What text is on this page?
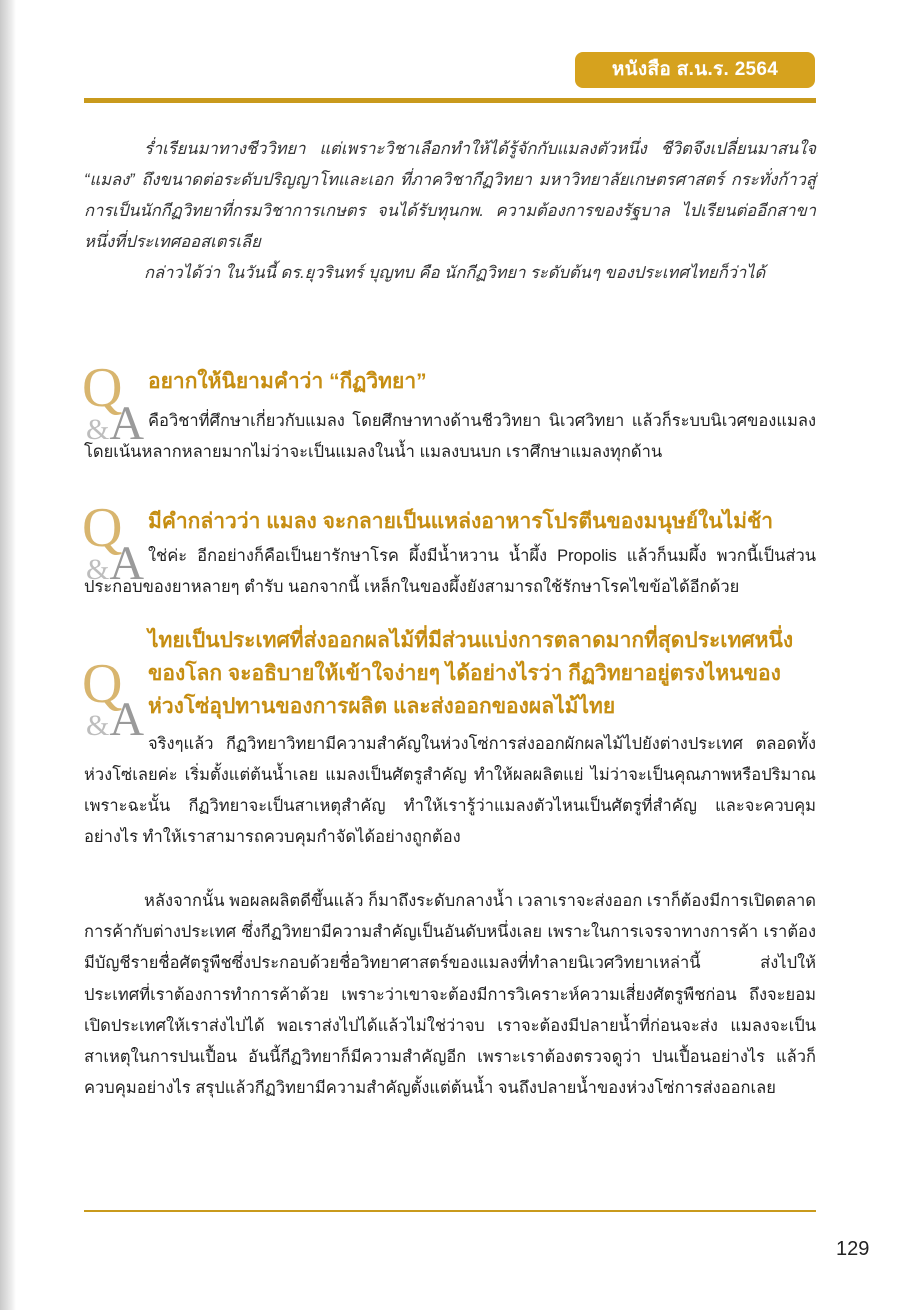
หนังสือ ส.น.ร. 2564

ร่ำเรียนมาทางชีววิทยา แต่เพราะวิชาเลือกทำให้ได้รู้จักกับแมลงตัวหนึ่ง ชีวิตจึงเปลี่ยนมาสนใจ “แมลง” ถึงขนาดต่อระดับปริญญาโทและเอก ที่ภาควิชากีฏวิทยา มหาวิทยาลัยเกษตรศาสตร์ กระทั่งก้าวสู่การเป็นนักกีฏวิทยาที่กรมวิชาการเกษตร จนได้รับทุนกพ. ความต้องการของรัฐบาล ไปเรียนต่ออีกสาขาหนึ่งที่ประเทศออสเตรเลีย

กล่าวได้ว่า ในวันนี้ ดร.ยุวรินทร์ บุญทบ คือ นักกีฏวิทยา ระดับต้นๆ ของประเทศไทยก็ว่าได้

Q
&A

อยากให้นิยามคำว่า “กีฏวิทยา”

คือวิชาที่ศึกษาเกี่ยวกับแมลง โดยศึกษาทางด้านชีววิทยา นิเวศวิทยา แล้วก็ระบบนิเวศของแมลง โดยเน้นหลากหลายมากไม่ว่าจะเป็นแมลงในน้ำ แมลงบนบก เราศึกษาแมลงทุกด้าน

Q
&A

มีคำกล่าวว่า แมลง จะกลายเป็นแหล่งอาหารโปรตีนของมนุษย์ในไม่ช้า

ใช่ค่ะ อีกอย่างก็คือเป็นยารักษาโรค ผึ้งมีน้ำหวาน น้ำผึ้ง Propolis แล้วก็นมผึ้ง พวกนี้เป็นส่วนประกอบของยาหลายๆ ตำรับ นอกจากนี้ เหล็กในของผึ้งยังสามารถใช้รักษาโรคไขข้อได้อีกด้วย

Q
&A

ไทยเป็นประเทศที่ส่งออกผลไม้ที่มีส่วนแบ่งการตลาดมากที่สุดประเทศหนึ่งของโลก จะอธิบายให้เข้าใจง่ายๆ ได้อย่างไรว่า กีฏวิทยาอยู่ตรงไหนของห่วงโซ่อุปทานของการผลิต และส่งออกของผลไม้ไทย

จริงๆแล้ว กีฏวิทยาวิทยามีความสำคัญในห่วงโซ่การส่งออกผักผลไม้ไปยังต่างประเทศ ตลอดทั้งห่วงโซ่เลยค่ะ เริ่มตั้งแต่ต้นน้ำเลย แมลงเป็นศัตรูสำคัญ ทำให้ผลผลิตแย่ ไม่ว่าจะเป็นคุณภาพหรือปริมาณ เพราะฉะนั้น กีฏวิทยาจะเป็นสาเหตุสำคัญ ทำให้เรารู้ว่าแมลงตัวไหนเป็นศัตรูที่สำคัญ และจะควบคุมอย่างไร ทำให้เราสามารถควบคุมกำจัดได้อย่างถูกต้อง

หลังจากนั้น พอผลผลิตดีขึ้นแล้ว ก็มาถึงระดับกลางน้ำ เวลาเราจะส่งออก เราก็ต้องมีการเปิดตลาดการค้ากับต่างประเทศ ซึ่งกีฏวิทยามีความสำคัญเป็นอันดับหนึ่งเลย เพราะในการเจรจาทางการค้า เราต้องมีบัญชีรายชื่อศัตรูพืชซึ่งประกอบด้วยชื่อวิทยาศาสตร์ของแมลงที่ทำลายนิเวศวิทยาเหล่านี้ ส่งไปให้ประเทศที่เราต้องการทำการค้าด้วย เพราะว่าเขาจะต้องมีการวิเคราะห์ความเสี่ยงศัตรูพืชก่อน ถึงจะยอมเปิดประเทศให้เราส่งไปได้ พอเราส่งไปได้แล้วไม่ใช่ว่าจบ เราจะต้องมีปลายน้ำที่ก่อนจะส่ง แมลงจะเป็นสาเหตุในการปนเปื้อน อันนี้กีฏวิทยาก็มีความสำคัญอีก เพราะเราต้องตรวจดูว่า ปนเปื้อนอย่างไร แล้วก็ควบคุมอย่างไร สรุปแล้วกีฏวิทยามีความสำคัญตั้งแต่ต้นน้ำ จนถึงปลายน้ำของห่วงโซ่การส่งออกเลย

129
